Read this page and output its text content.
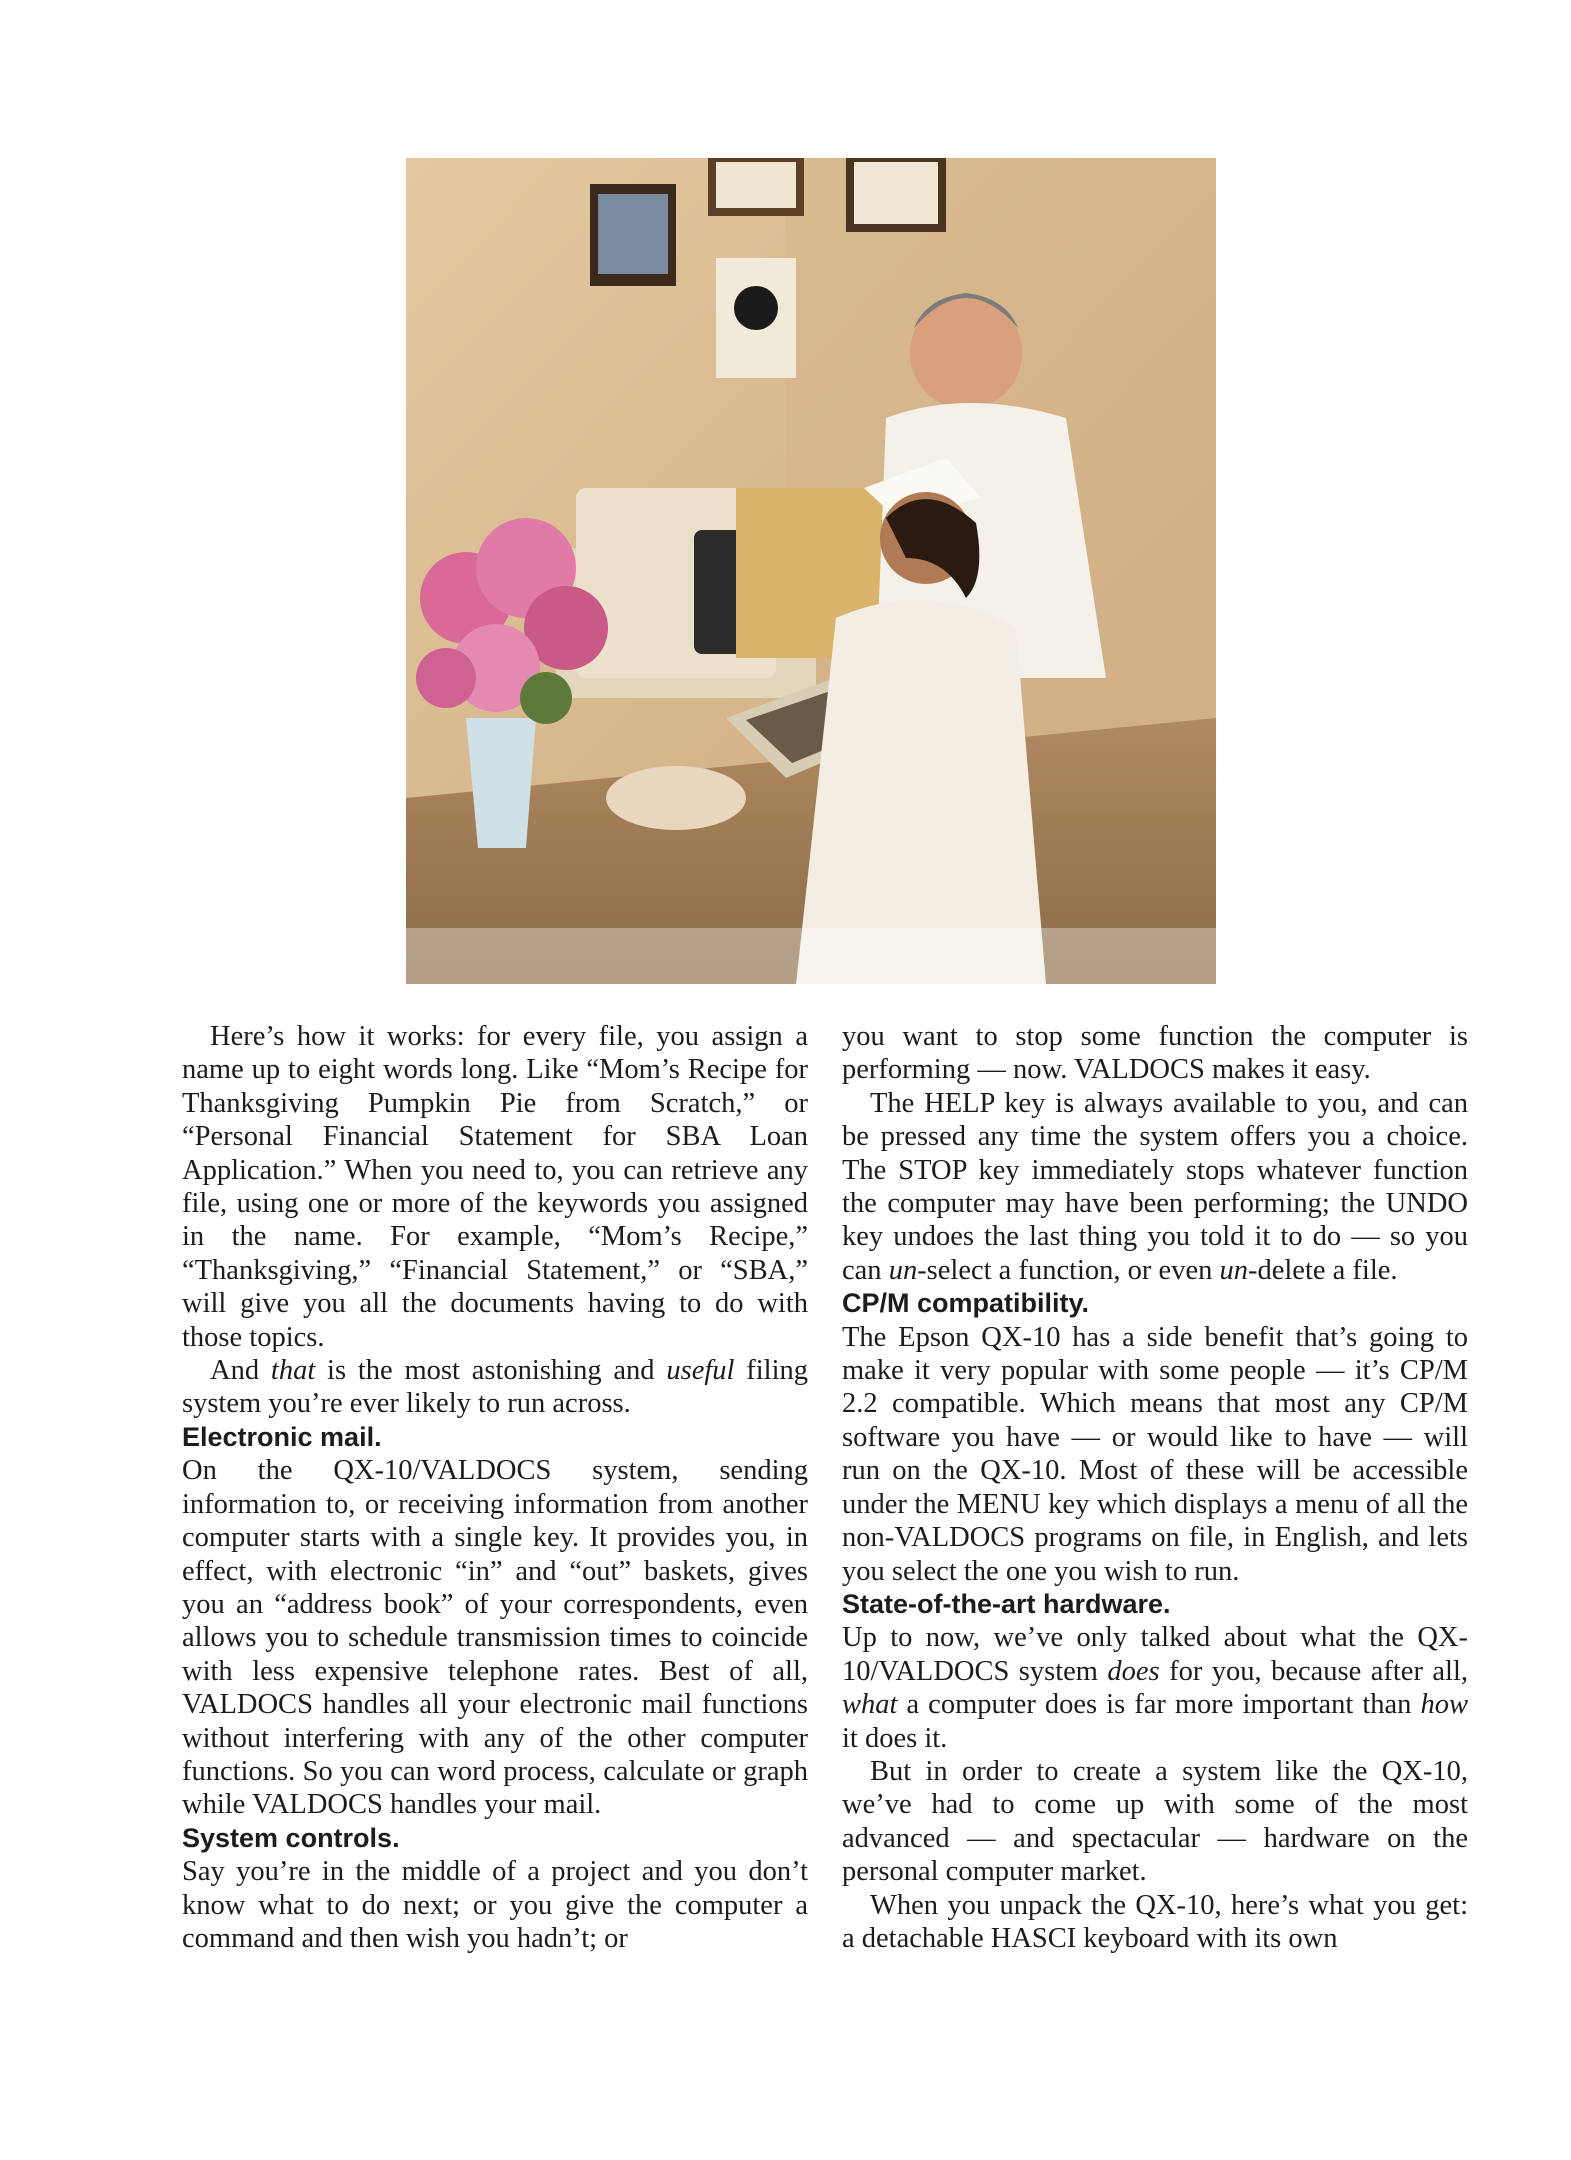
Here’s how it works: for every file, you assign a name up to eight words long. Like “Mom’s Recipe for Thanksgiving Pumpkin Pie from Scratch,” or “Personal Financial Statement for SBA Loan Application.” When you need to, you can retrieve any file, using one or more of the keywords you assigned in the name. For example, “Mom’s Recipe,” “Thanksgiving,” “Financial Statement,” or “SBA,” will give you all the documents having to do with those topics.

And that is the most astonishing and useful filing system you’re ever likely to run across.

Electronic mail.

On the QX-10/VALDOCS system, sending information to, or receiving information from another computer starts with a single key. It provides you, in effect, with electronic “in” and “out” baskets, gives you an “address book” of your correspondents, even allows you to schedule transmission times to coincide with less expensive telephone rates. Best of all, VALDOCS handles all your electronic mail functions without interfering with any of the other computer functions. So you can word process, calculate or graph while VALDOCS handles your mail.

System controls.

Say you’re in the middle of a project and you don’t know what to do next; or you give the computer a command and then wish you hadn’t; or

you want to stop some function the computer is performing — now. VALDOCS makes it easy.

The HELP key is always available to you, and can be pressed any time the system offers you a choice. The STOP key immediately stops whatever function the computer may have been performing; the UNDO key undoes the last thing you told it to do — so you can un-select a function, or even un-delete a file.

CP/M compatibility.

The Epson QX-10 has a side benefit that’s going to make it very popular with some people — it’s CP/M 2.2 compatible. Which means that most any CP/M software you have — or would like to have — will run on the QX-10. Most of these will be accessible under the MENU key which displays a menu of all the non-VALDOCS programs on file, in English, and lets you select the one you wish to run.

State-of-the-art hardware.

Up to now, we’ve only talked about what the QX-10/VALDOCS system does for you, because after all, what a computer does is far more important than how it does it.

But in order to create a system like the QX-10, we’ve had to come up with some of the most advanced — and spectacular — hardware on the personal computer market.

When you unpack the QX-10, here’s what you get: a detachable HASCI keyboard with its own
